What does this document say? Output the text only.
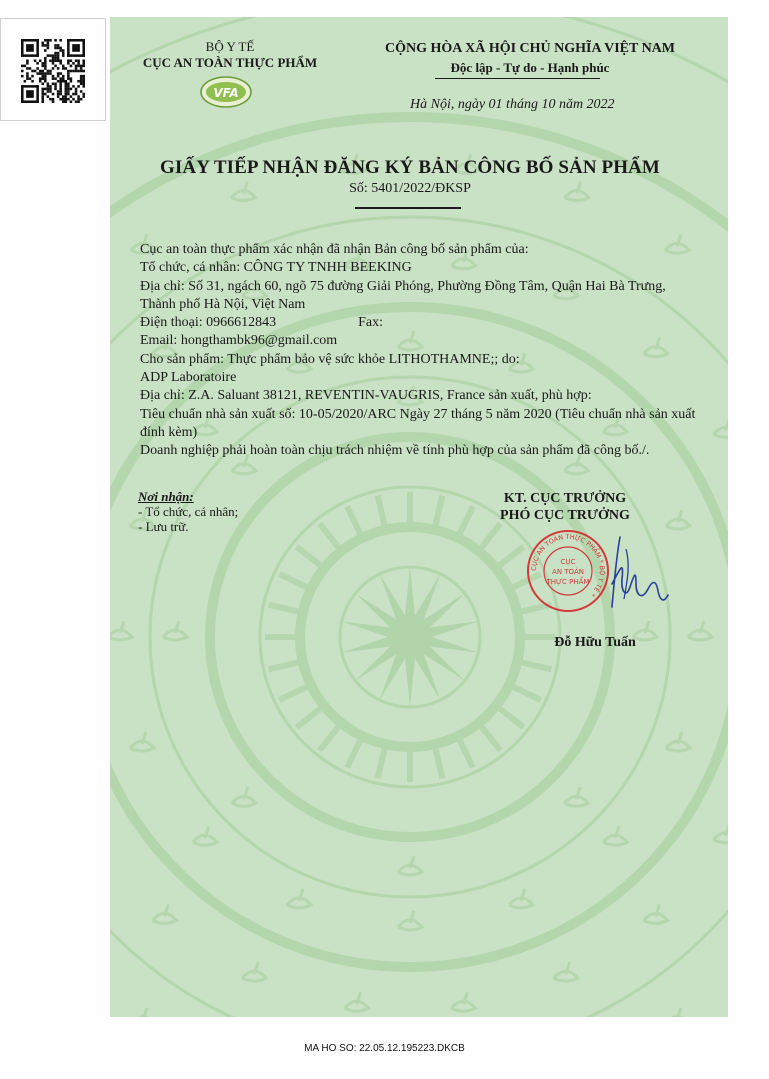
BỘ Y TẾ
CỤC AN TOÀN THỰC PHẨM
VFA
CỘNG HÒA XÃ HỘI CHỦ NGHĨA VIỆT NAM
Độc lập - Tự do - Hạnh phúc
Hà Nội, ngày 01 tháng 10 năm 2022
GIẤY TIẾP NHẬN ĐĂNG KÝ BẢN CÔNG BỐ SẢN PHẨM
Số: 5401/2022/ĐKSP

Cục an toàn thực phẩm xác nhận đã nhận Bản công bố sản phẩm của:

Tổ chức, cá nhân: CÔNG TY TNHH BEEKING

Địa chỉ: Số 31, ngách 60, ngõ 75 đường Giải Phóng, Phường Đồng Tâm, Quận Hai Bà Trưng, Thành phố Hà Nội, Việt Nam

Điện thoại: 0966612843	Fax:

Email: hongthambk96@gmail.com

Cho sản phẩm: Thực phẩm bảo vệ sức khỏe LITHOTHAMNE;; do:

ADP Laboratoire

Địa chỉ: Z.A. Saluant 38121, REVENTIN-VAUGRIS, France sản xuất, phù hợp:

Tiêu chuẩn nhà sản xuất số: 10-05/2020/ARC Ngày 27 tháng 5 năm 2020 (Tiêu chuẩn nhà sản xuất đính kèm)

Doanh nghiệp phải hoàn toàn chịu trách nhiệm về tính phù hợp của sản phẩm đã công bố./.

Nơi nhận:
- Tổ chức, cá nhân;
- Lưu trữ.
KT. CỤC TRƯỞNG
PHÓ CỤC TRƯỞNG
CỤC AN TOÀN THỰC PHẨM * BỘ Y TẾ *
CỤC
AN TOÀN
THỰC PHẨM
Đỗ Hữu Tuấn
MA HO SO: 22.05.12.195223.DKCB
